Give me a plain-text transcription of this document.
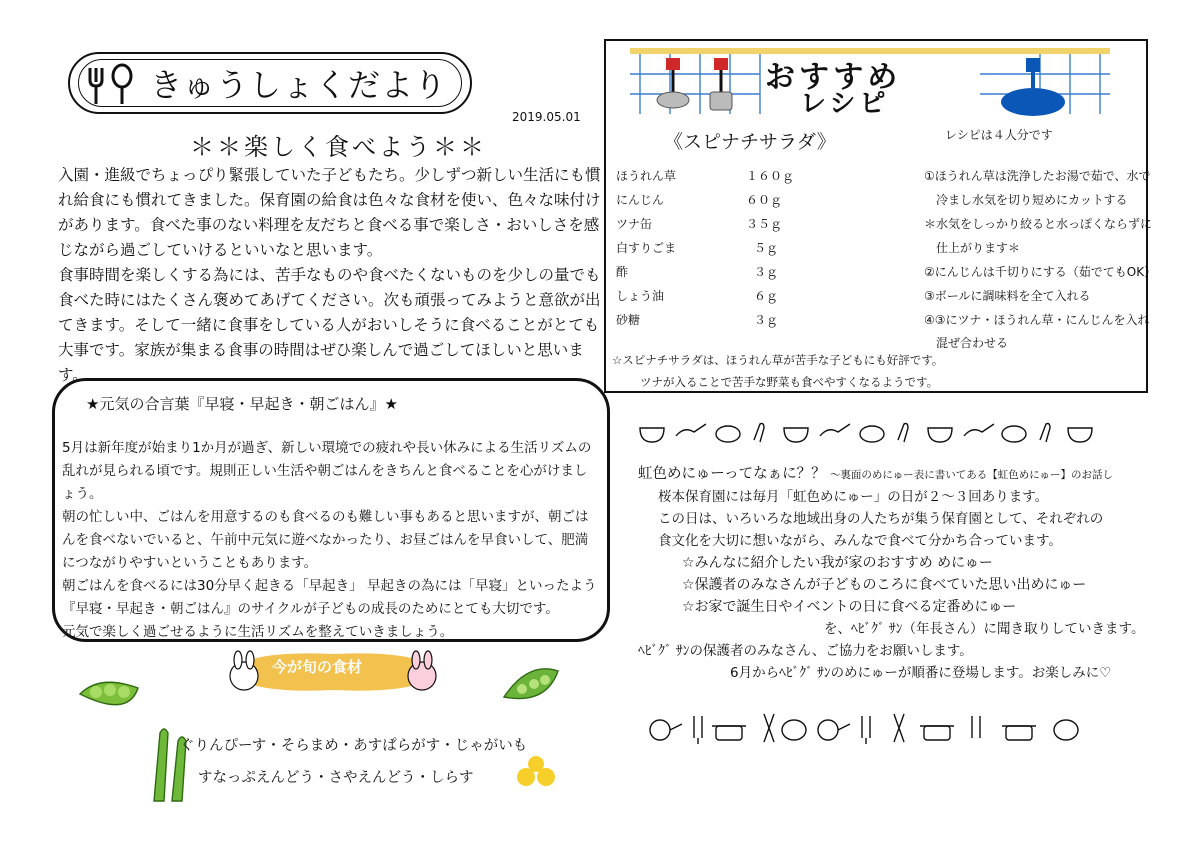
きゅうしょくだより
2019.05.01
＊＊楽しく食べよう＊＊

入園・進級でちょっぴり緊張していた子どもたち。少しずつ新しい生活にも慣れ給食にも慣れてきました。保育園の給食は色々な食材を使い、色々な味付けがあります。食べた事のない料理を友だちと食べる事で楽しさ・おいしさを感じながら過ごしていけるといいなと思います。

食事時間を楽しくする為には、苦手なものや食べたくないものを少しの量でも食べた時にはたくさん褒めてあげてください。次も頑張ってみようと意欲が出てきます。そして一緒に食事をしている人がおいしそうに食べることがとても大事です。家族が集まる食事の時間はぜひ楽しんで過ごしてほしいと思います。

★元気の合言葉『早寝・早起き・朝ごはん』★

5月は新年度が始まり1か月が過ぎ、新しい環境での疲れや長い休みによる生活リズムの乱れが見られる頃です。規則正しい生活や朝ごはんをきちんと食べることを心がけましょう。

朝の忙しい中、ごはんを用意するのも食べるのも難しい事もあると思いますが、朝ごはんを食べないでいると、午前中元気に遊べなかったり、お昼ごはんを早食いして、肥満につながりやすいということもあります。

朝ごはんを食べるには30分早く起きる「早起き」 早起きの為には「早寝」といったよう『早寝・早起き・朝ごはん』のサイクルが子どもの成長のためにとても大切です。

元気で楽しく過ごせるように生活リズムを整えていきましょう。

今が旬の食材
ぐりんぴーす・そらまめ・あすぱらがす・じゃがいも
すなっぷえんどう・さやえんどう・しらす
おすすめ
レシピ
《スピナチサラダ》	レシピは４人分です
ほうれん草	１６０ｇ
にんじん	６０ｇ
ツナ缶	３５ｇ
白すりごま	５ｇ
酢	３ｇ
しょう油	６ｇ
砂糖	３ｇ
①ほうれん草は洗浄したお湯で茹で、水で
冷まし水気を切り短めにカットする
＊水気をしっかり絞ると水っぽくならずに
仕上がります＊
②にんじんは千切りにする（茹でてもOK）
③ボールに調味料を全て入れる
④③にツナ・ほうれん草・にんじんを入れ
混ぜ合わせる
☆スピナチサラダは、ほうれん草が苦手な子どもにも好評です。
ツナが入ることで苦手な野菜も食べやすくなるようです。
虹色めにゅーってなぁに？？ ～裏面のめにゅー表に書いてある【虹色めにゅー】のお話し
桜本保育園には毎月「虹色めにゅー」の日が２～３回あります。
この日は、いろいろな地域出身の人たちが集う保育園として、それぞれの
食文化を大切に想いながら、みんなで食べて分かち合っています。
☆みんなに紹介したい我が家のおすすめ めにゅー
☆保護者のみなさんが子どものころに食べていた思い出めにゅー
☆お家で誕生日やイベントの日に食べる定番めにゅー
を、ﾍﾋﾞｸﾞ ｻﾝ（年長さん）に聞き取りしていきます。
ﾍﾋﾞｸﾞ ｻﾝの保護者のみなさん、ご協力をお願いします。
6月からﾍﾋﾞｸﾞ ｻﾝのめにゅーが順番に登場します。お楽しみに♡
